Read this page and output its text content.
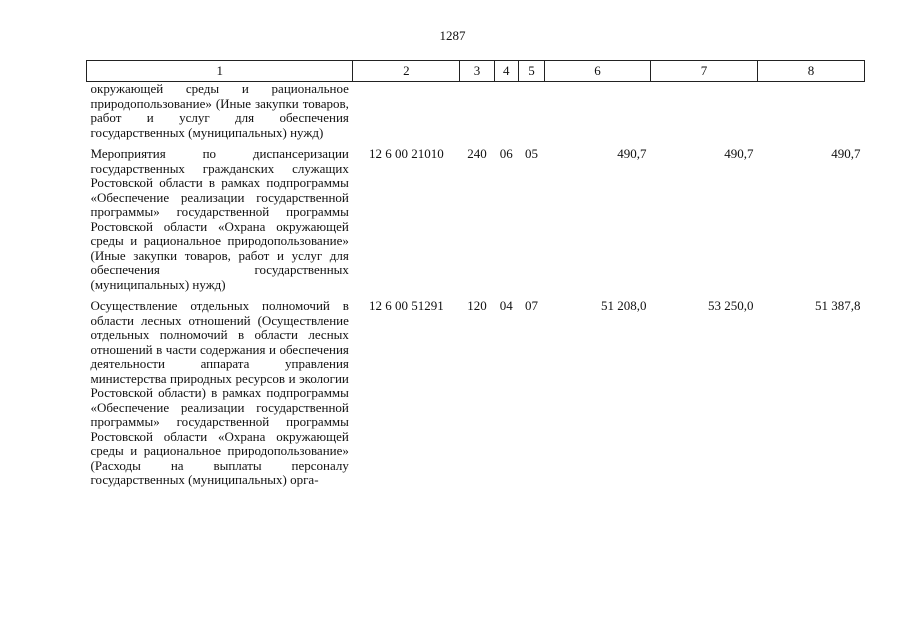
1287
1	2	3	4	5	6	7	8
окружающей среды и рациональное природопользование» (Иные закупки товаров, работ и услуг для обеспечения государственных (муниципальных) нужд)							
Мероприятия по диспансеризации государственных гражданских служащих Ростовской области в рамках подпрограммы «Обеспечение реализации государственной программы» государственной программы Ростовской области «Охрана окружающей среды и рациональное природопользование» (Иные закупки товаров, работ и услуг для обеспечения государственных (муниципальных) нужд)	12 6 00 21010	240	06	05	490,7	490,7	490,7
Осуществление отдельных полномочий в области лесных отношений (Осуществление отдельных полномочий в области лесных отношений в части содержания и обеспечения деятельности аппарата управления министерства природных ресурсов и экологии Ростовской области) в рамках подпрограммы «Обеспечение реализации государственной программы» государственной программы Ростовской области «Охрана окружающей среды и рациональное природопользование» (Расходы на выплаты персоналу государственных (муниципальных) орга-	12 6 00 51291	120	04	07	51 208,0	53 250,0	51 387,8
